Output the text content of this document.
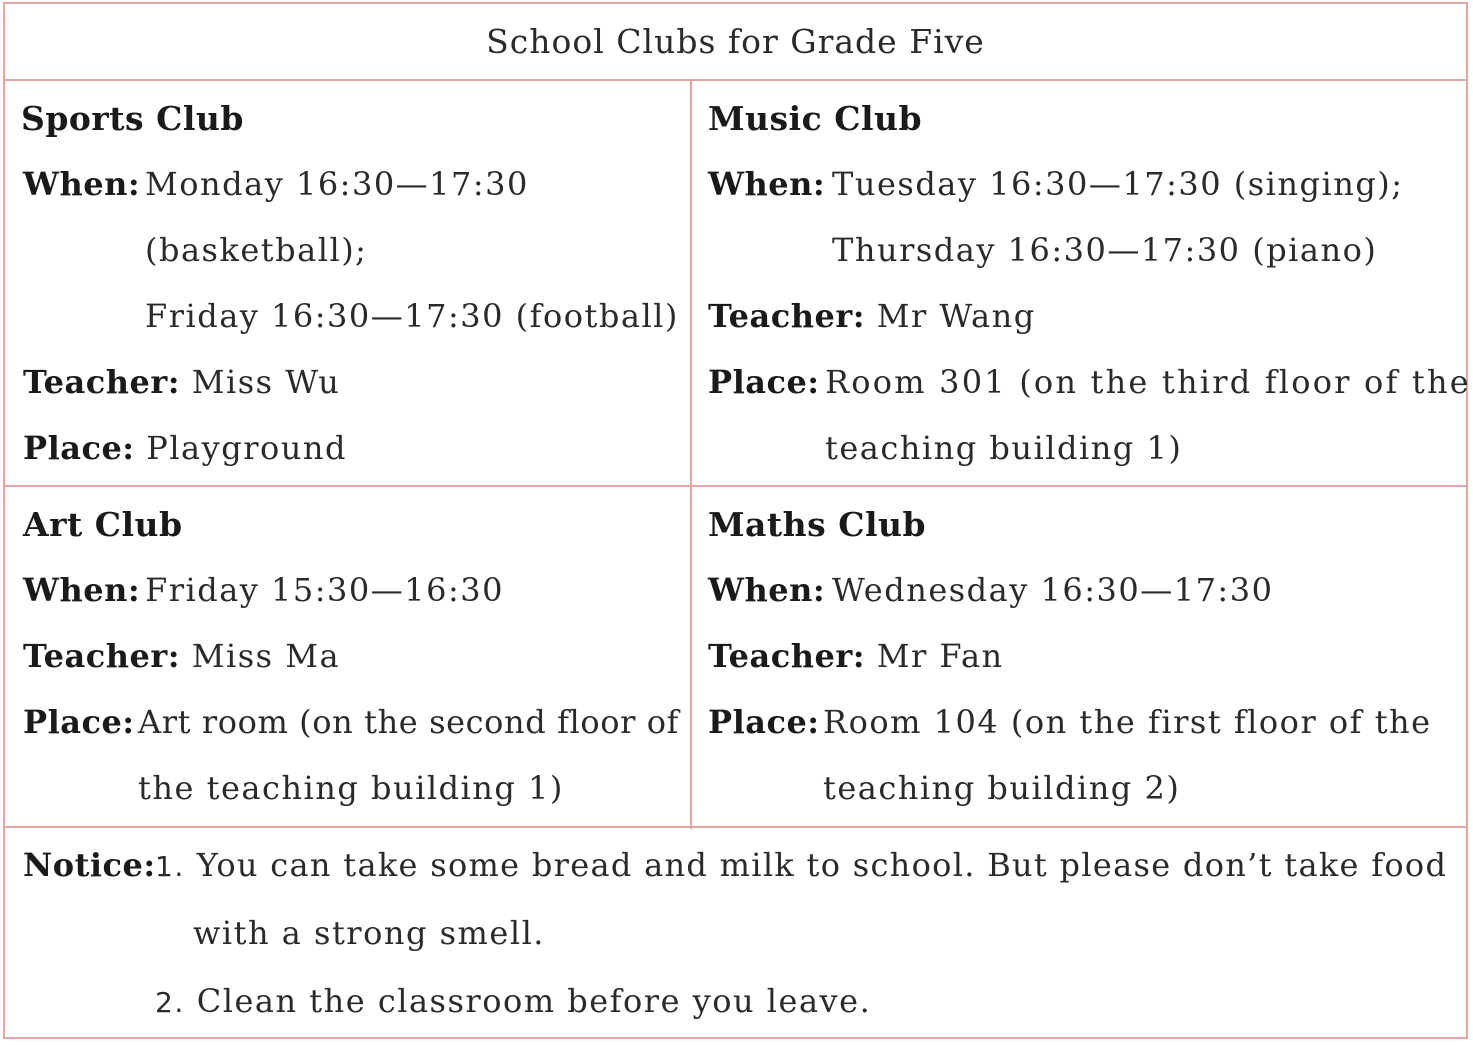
School Clubs for Grade Five
Sports Club
When: Monday 16:30—17:30
(basketball);
Friday 16:30—17:30 (football)
Teacher: Miss Wu
Place: Playground
Music Club
When: Tuesday 16:30—17:30 (singing);
Thursday 16:30—17:30 (piano)
Teacher: Mr Wang
Place: Room 301 (on the third floor of the
teaching building 1)
Art Club
When: Friday 15:30—16:30
Teacher: Miss Ma
Place: Art room (on the second floor of
the teaching building 1)
Maths Club
When: Wednesday 16:30—17:30
Teacher: Mr Fan
Place: Room 104 (on the first floor of the
teaching building 2)
Notice: 1. You can take some bread and milk to school. But please don’t take food
with a strong smell.
2. Clean the classroom before you leave.
